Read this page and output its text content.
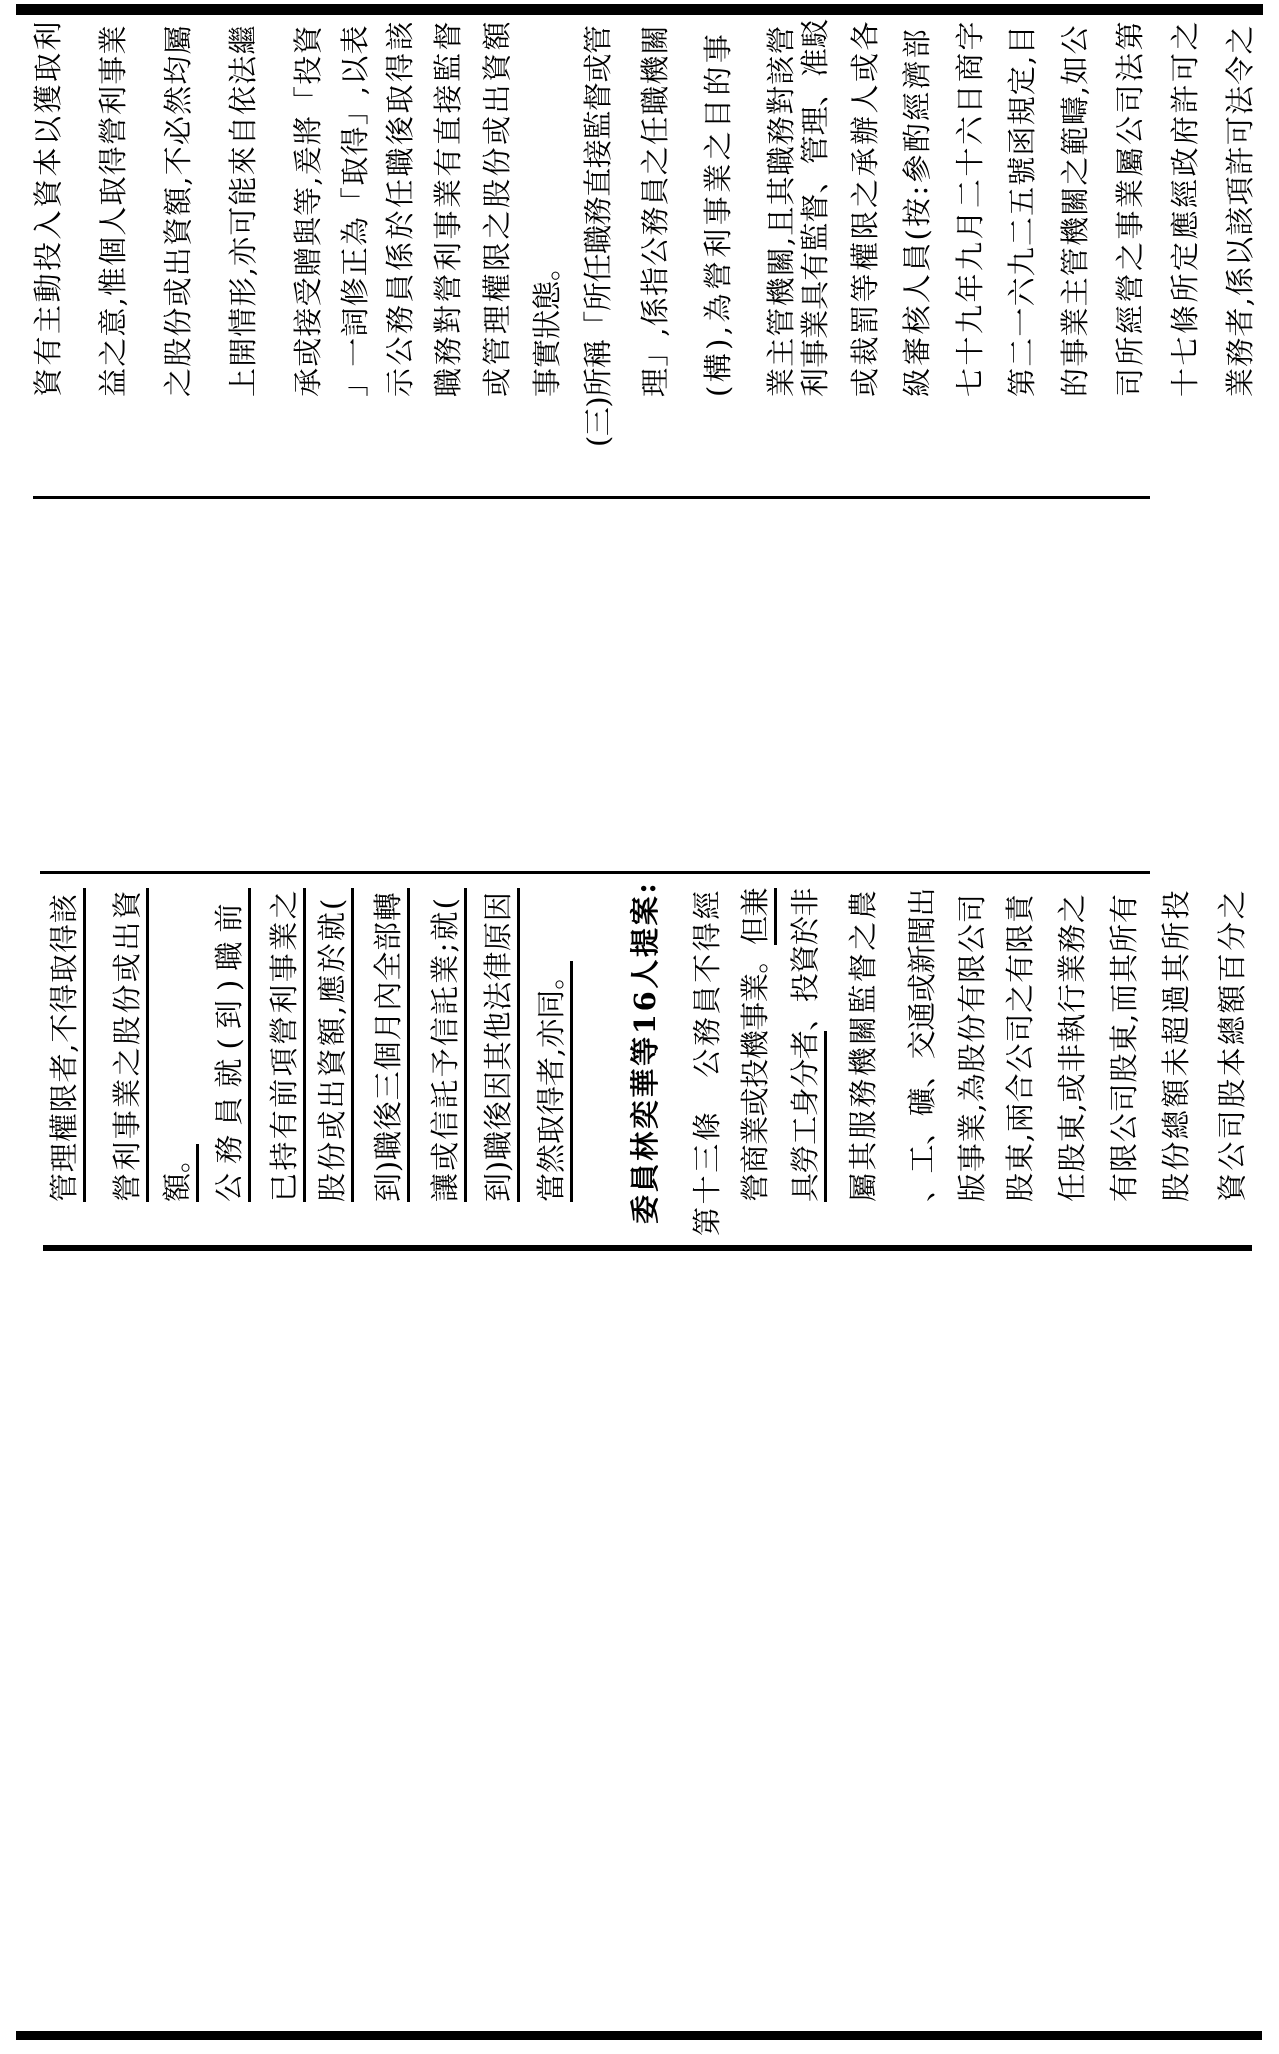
資有主動投入資本以獲取利 益之意,惟個人取得營利事業 之股份或出資額,不必然均屬 上開情形,亦可能來自依法繼 承或接受贈與等,爰將「投資 」一詞修正為「取得」,以表 示公務員係於任職後取得該 職務對營利事業有直接監督 或管理權限之股份或出資額 事實狀態。 (三)所稱「所任職務直接監督或管 理」,係指公務員之任職機關 (構),為營利事業之目的事 業主管機關,且其職務對該營 利事業具有監督、管理、准駁 或裁罰等權限之承辦人或各 級審核人員(按:參酌經濟部 七十九年九月二十六日商字 第二一六九二五號函規定,目 的事業主管機關之範疇,如公 司所經營之事業屬公司法第 十七條所定應經政府許可之 業務者,係以該項許可法令之
管理權限者,不得取得該 營利事業之股份或出資 額。 公務員就(到)職前 已持有前項營利事業之 股份或出資額,應於就( 到)職後三個月內全部轉 讓或信託予信託業;就( 到)職後因其他法律原因 當然取得者,亦同。 委員林奕華等16人提案: 第十三條　公務員不得經 營商業或投機事業。但兼
具勞工身分者、投資於非 屬其服務機關監督之農 、工、礦、交通或新聞出 版事業,為股份有限公司 股東,兩合公司之有限責 任股東,或非執行業務之 有限公司股東,而其所有 股份總額未超過其所投 資公司股本總額百分之
